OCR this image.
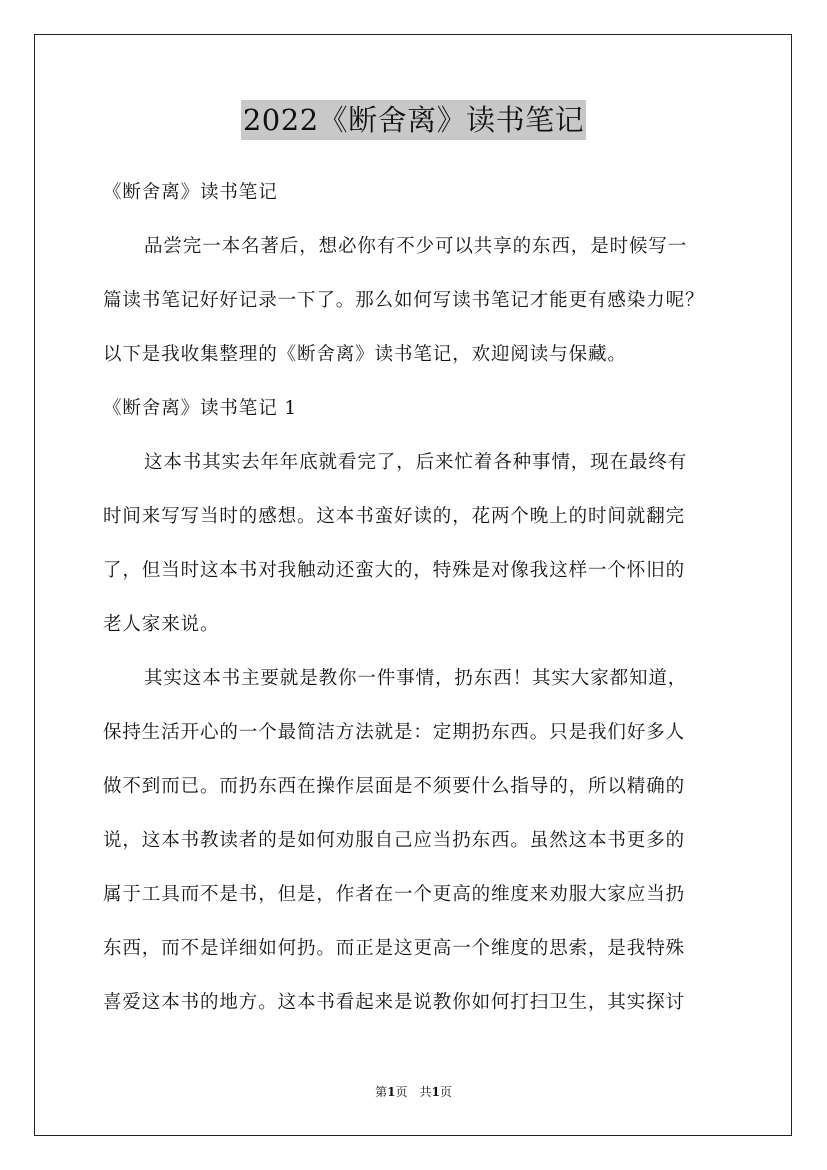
2022《断舍离》读书笔记
《断舍离》读书笔记
品尝完一本名著后，想必你有不少可以共享的东西，是时候写一
篇读书笔记好好记录一下了。那么如何写读书笔记才能更有感染力呢？
以下是我收集整理的《断舍离》读书笔记，欢迎阅读与保藏。
《断舍离》读书笔记 1
这本书其实去年年底就看完了，后来忙着各种事情，现在最终有
时间来写写当时的感想。这本书蛮好读的，花两个晚上的时间就翻完
了，但当时这本书对我触动还蛮大的，特殊是对像我这样一个怀旧的
老人家来说。
其实这本书主要就是教你一件事情，扔东西！其实大家都知道，
保持生活开心的一个最简洁方法就是：定期扔东西。只是我们好多人
做不到而已。而扔东西在操作层面是不须要什么指导的，所以精确的
说，这本书教读者的是如何劝服自己应当扔东西。虽然这本书更多的
属于工具而不是书，但是，作者在一个更高的维度来劝服大家应当扔
东西，而不是详细如何扔。而正是这更高一个维度的思索，是我特殊
喜爱这本书的地方。这本书看起来是说教你如何打扫卫生，其实探讨
第1页　共1页
